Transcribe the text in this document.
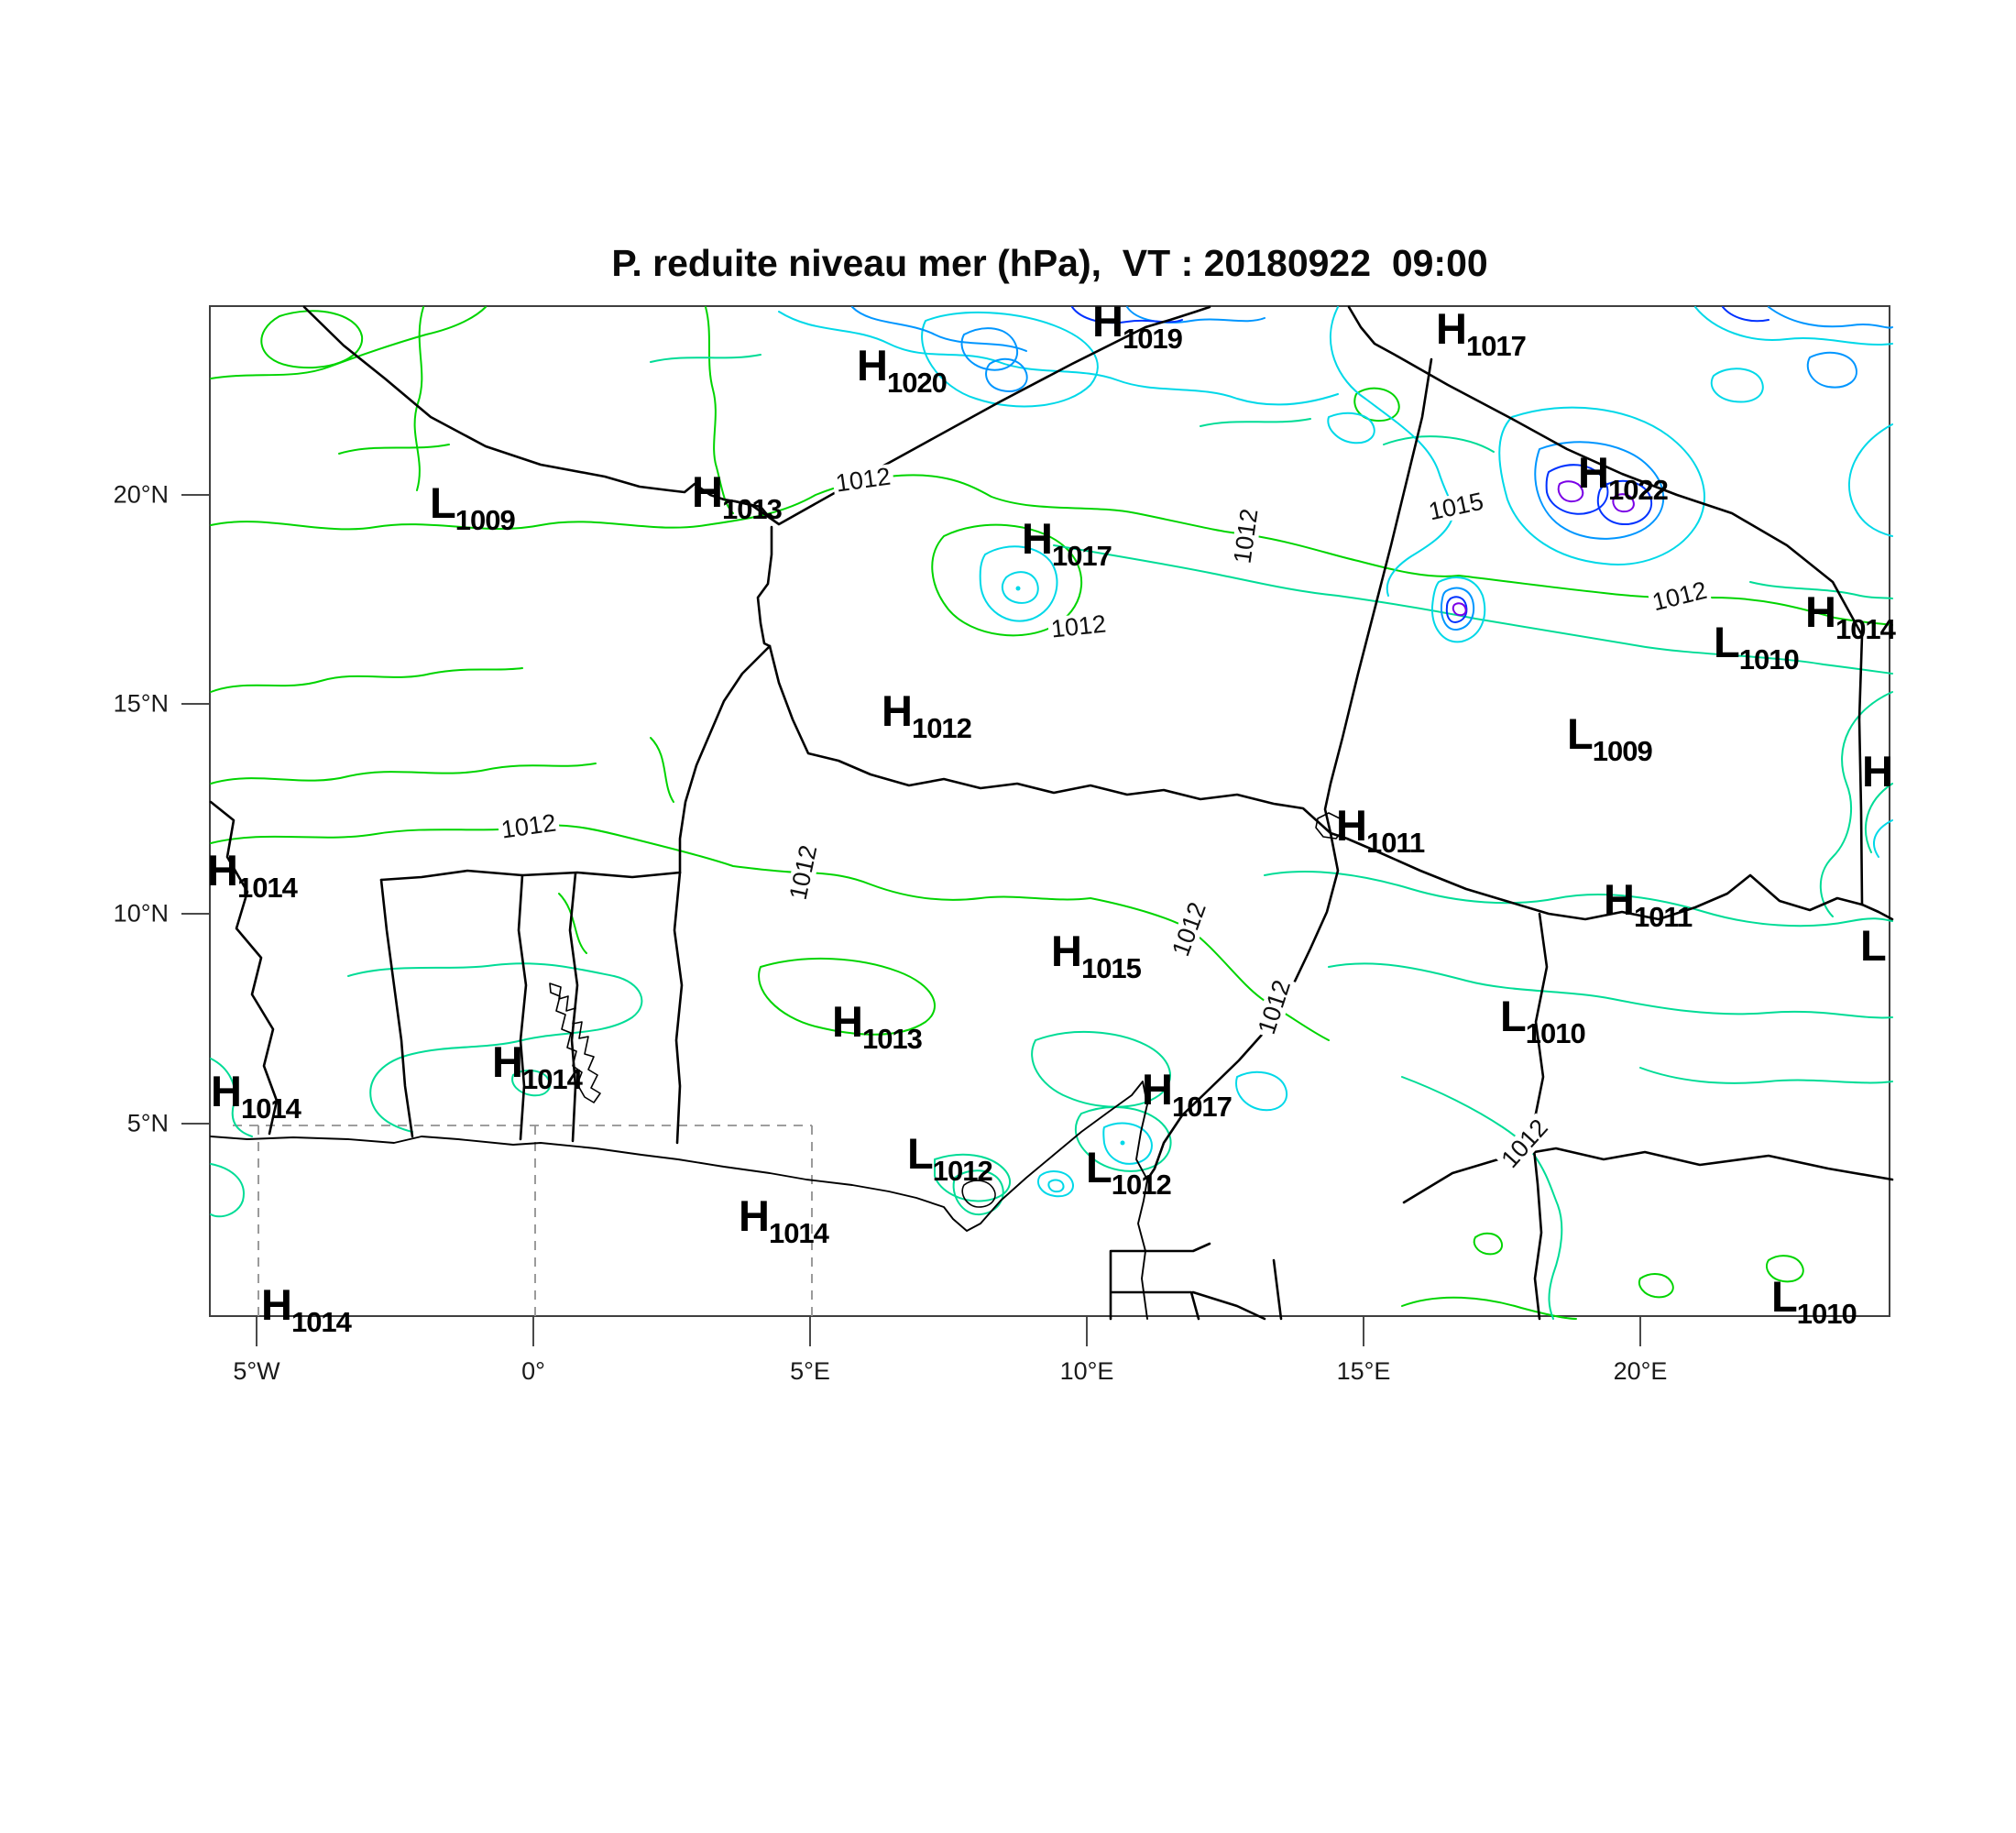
P. reduite niveau mer (hPa),  VT : 20180922  09:00
H1019
H1020
H1017
H1022
H1013
L1009	H1017
H1012
L1010
H1014
L1009
H1011
H1011
H
H1014
H1014
H1014
H1013
H1015
H1017
L1012 L1012
H1014
L1010
L1010
L
H1014
1012
1015
1012
1012
1012
1012
1012
1012
1012
1012
5°W	0°	5°E	10°E	15°E	20°E
20°N
15°N
10°N
5°N
